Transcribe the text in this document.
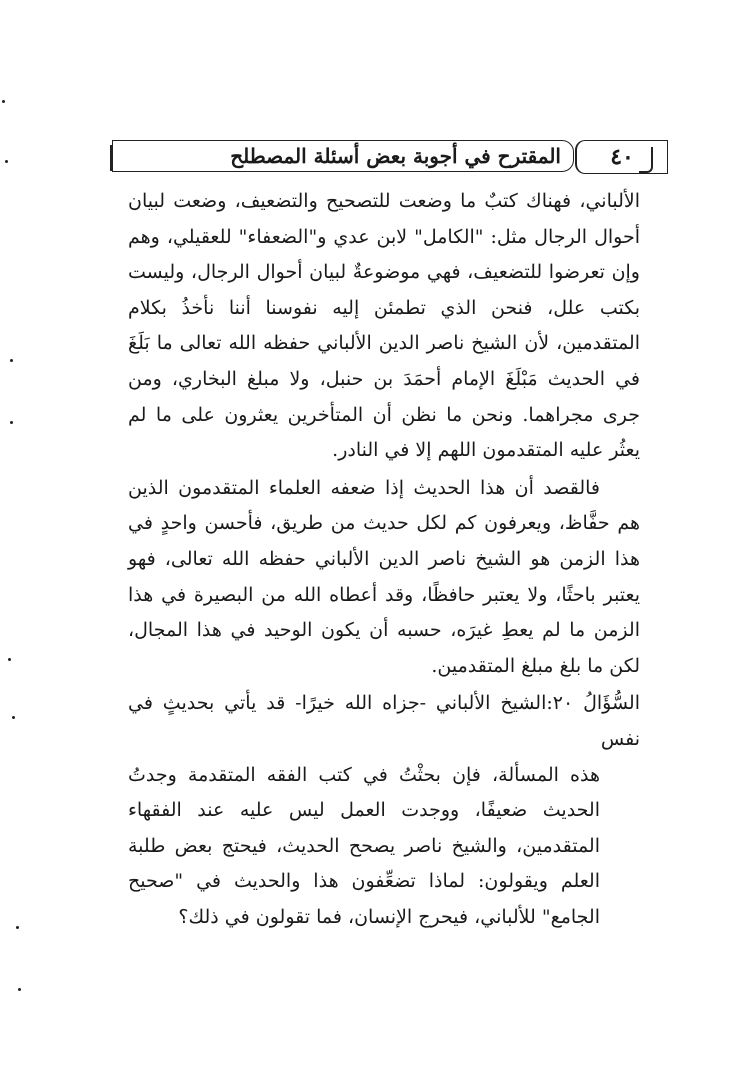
٤٠
المقترح في أجوبة بعض أسئلة المصطلح

الألباني، فهناك كتبٌ ما وضعت للتصحيح والتضعيف، وضعت لبيان أحوال الرجال مثل: "الكامل" لابن عدي و"الضعفاء" للعقيلي، وهم وإن تعرضوا للتضعيف، فهي موضوعةٌ لبيان أحوال الرجال، وليست بكتب علل، فنحن الذي تطمئن إليه نفوسنا أننا نأخذُ بكلام المتقدمين، لأن الشيخ ناصر الدين الألباني حفظه الله تعالى ما بَلَغَ في الحديث مَبْلَغَ الإمام أحمَدَ بن حنبل، ولا مبلغ البخاري، ومن جرى مجراهما. ونحن ما نظن أن المتأخرين يعثرون على ما لم يعثُر عليه المتقدمون اللهم إلا في النادر.

فالقصد أن هذا الحديث إذا ضعفه العلماء المتقدمون الذين هم حفَّاظ، ويعرفون كم لكل حديث من طريق، فأحسن واحدٍ في هذا الزمن هو الشيخ ناصر الدين الألباني حفظه الله تعالى، فهو يعتبر باحثًا، ولا يعتبر حافظًا، وقد أعطاه الله من البصيرة في هذا الزمن ما لم يعطِ غيرَه، حسبه أن يكون الوحيد في هذا المجال، لكن ما بلغ مبلغ المتقدمين.

السُّؤَالُ ٢٠:الشيخ الألباني -جزاه الله خيرًا- قد يأتي بحديثٍ في نفس
هذه المسألة، فإن بحثْتُ في كتب الفقه المتقدمة وجدتُ الحديث ضعيفًا، ووجدت العمل ليس عليه عند الفقهاء المتقدمين، والشيخ ناصر يصحح الحديث، فيحتج بعض طلبة العلم ويقولون: لماذا تضعِّفون هذا والحديث في "صحيح الجامع" للألباني، فيحرج الإنسان، فما تقولون في ذلك؟
